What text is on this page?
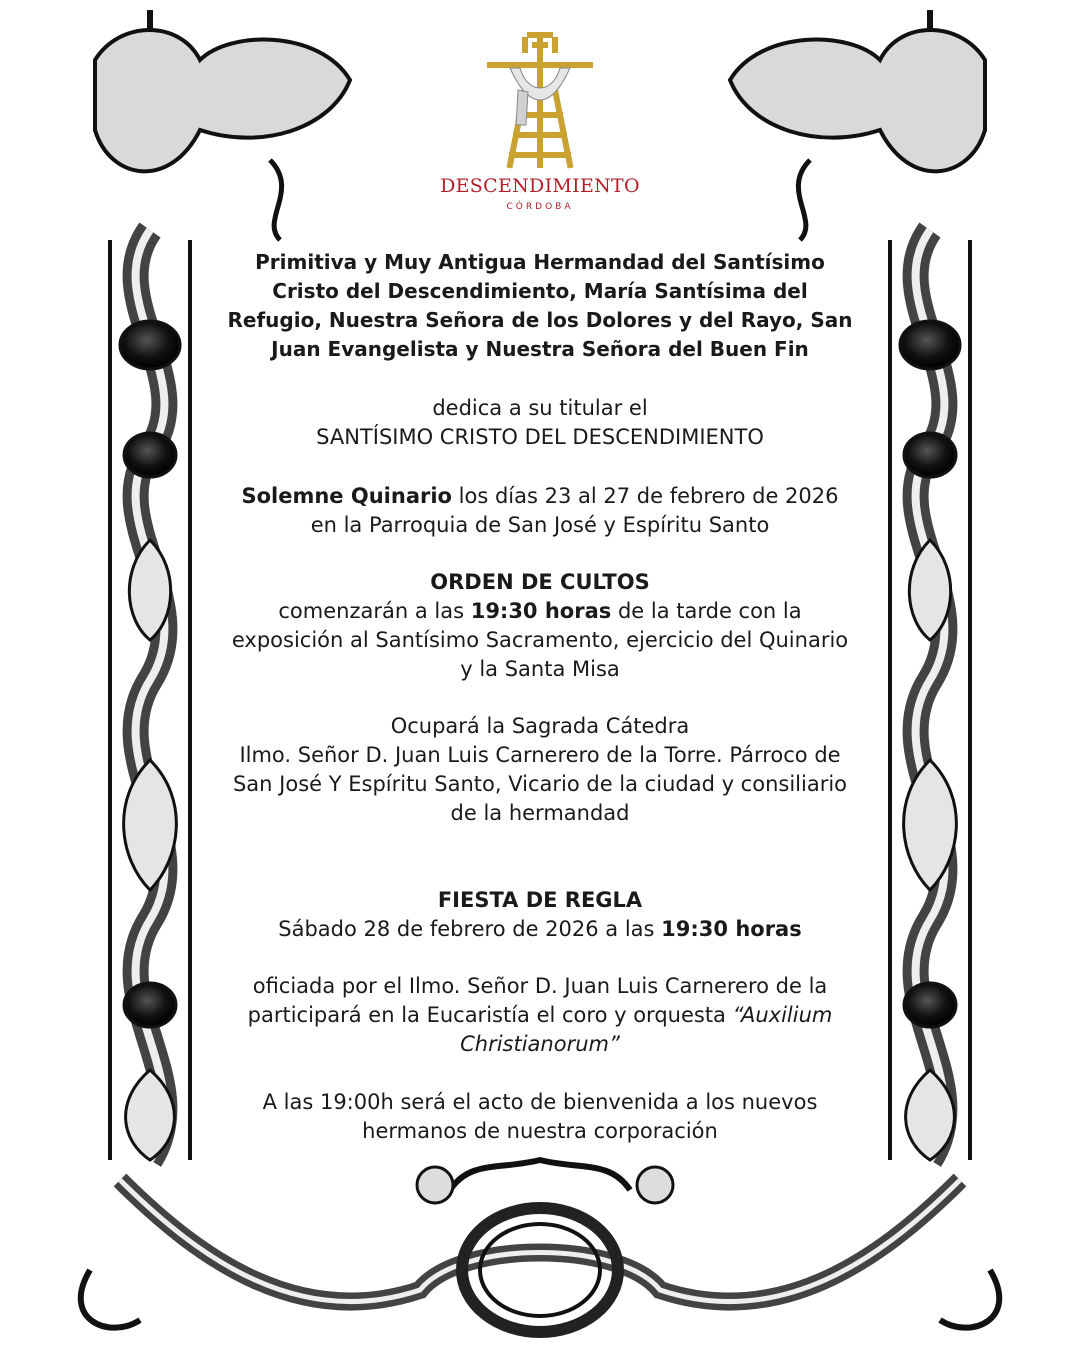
DESCENDIMIENTO
CÓRDOBA

Primitiva y Muy Antigua Hermandad del Santísimo Cristo del Descendimiento, María Santísima del Refugio, Nuestra Señora de los Dolores y del Rayo, San Juan Evangelista y Nuestra Señora del Buen Fin

dedica a su titular el

SANTÍSIMO CRISTO DEL DESCENDIMIENTO

Solemne Quinario los días 23 al 27 de febrero de 2026

en la Parroquia de San José y Espíritu Santo

ORDEN DE CULTOS

comenzarán a las 19:30 horas de la tarde con la exposición al Santísimo Sacramento, ejercicio del Quinario y la Santa Misa

Ocupará la Sagrada Cátedra

Ilmo. Señor D. Juan Luis Carnerero de la Torre. Párroco de San José Y Espíritu Santo, Vicario de la ciudad y consiliario de la hermandad

FIESTA DE REGLA

Sábado 28 de febrero de 2026 a las 19:30 horas

oficiada por el Ilmo. Señor D. Juan Luis Carnerero de la participará en la Eucaristía el coro y orquesta “Auxilium Christianorum”

A las 19:00h será el acto de bienvenida a los nuevos hermanos de nuestra corporación
